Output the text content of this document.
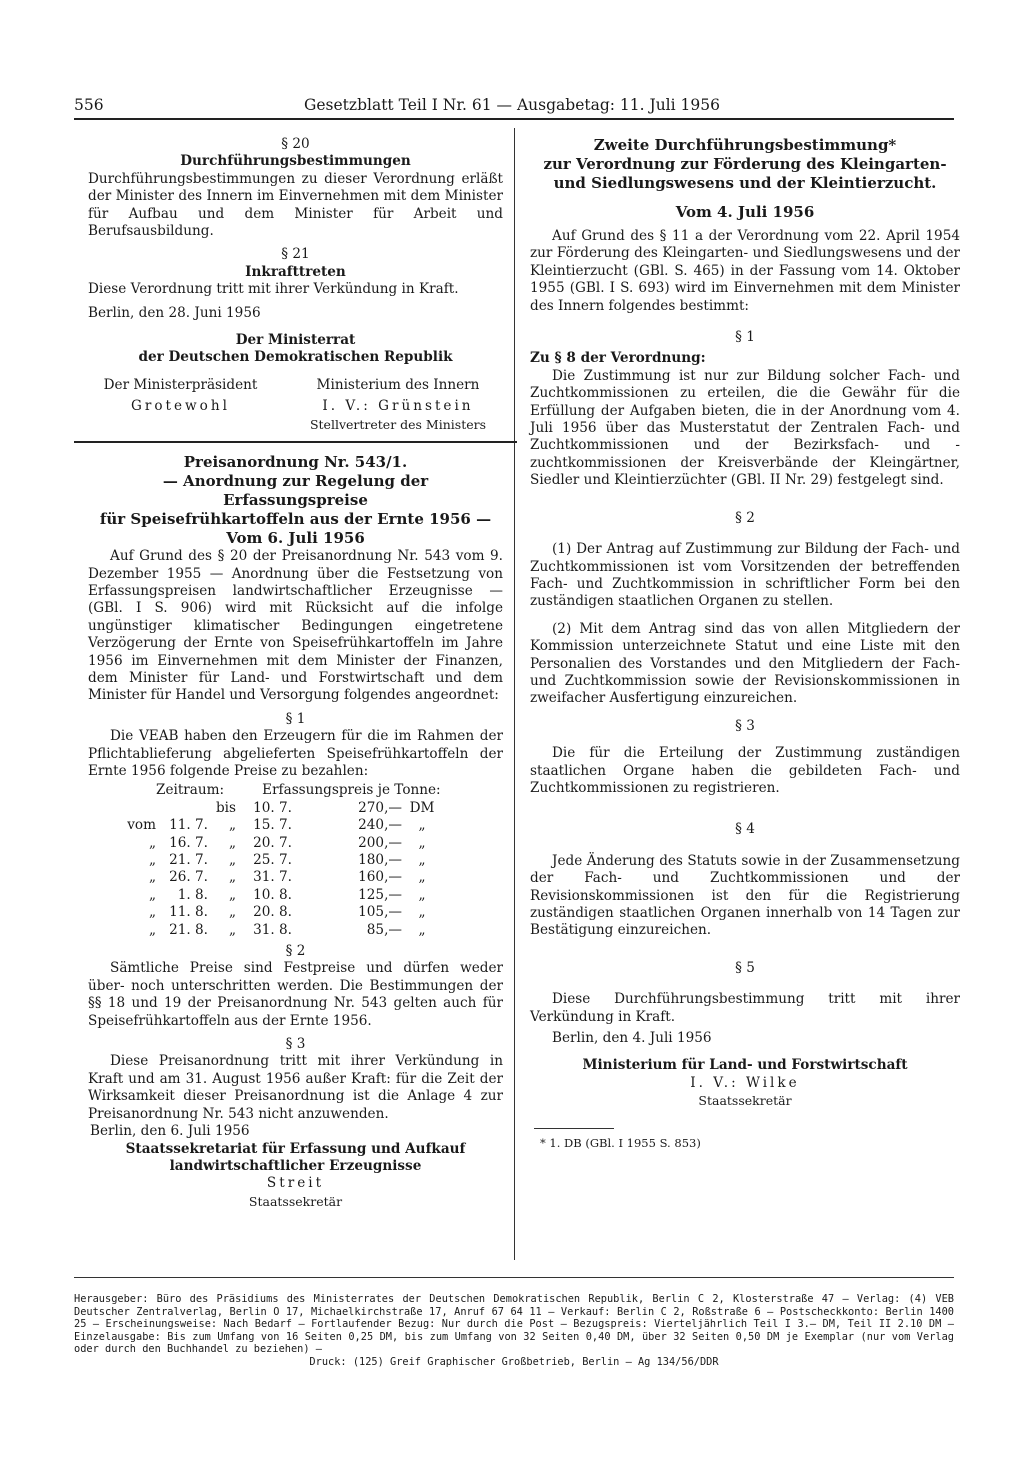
556	Gesetzblatt Teil I Nr. 61 — Ausgabetag: 11. Juli 1956

§ 20

Durchführungsbestimmungen

Durchführungsbestimmungen zu dieser Verordnung erläßt der Minister des Innern im Einvernehmen mit dem Minister für Aufbau und dem Minister für Arbeit und Berufsausbildung.

§ 21

Inkrafttreten

Diese Verordnung tritt mit ihrer Verkündung in Kraft.

Berlin, den 28. Juni 1956

Der Ministerrat

der Deutschen Demokratischen Republik

Der Ministerpräsident

Grotewohl

Ministerium des Innern

I. V.: Grünstein

Stellvertreter des Ministers

Preisanordnung Nr. 543/1.

— Anordnung zur Regelung der Erfassungspreise

für Speisefrühkartoffeln aus der Ernte 1956 —

Vom 6. Juli 1956

Auf Grund des § 20 der Preisanordnung Nr. 543 vom 9. Dezember 1955 — Anordnung über die Festsetzung von Erfassungspreisen landwirtschaftlicher Erzeugnisse — (GBl. I S. 906) wird mit Rücksicht auf die infolge ungünstiger klimatischer Bedingungen eingetretene Verzögerung der Ernte von Speisefrühkartoffeln im Jahre 1956 im Einvernehmen mit dem Minister der Finanzen, dem Minister für Land- und Forstwirtschaft und dem Minister für Handel und Versorgung folgendes angeordnet:

§ 1

Die VEAB haben den Erzeugern für die im Rahmen der Pflichtablieferung abgelieferten Speisefrühkartoffeln der Ernte 1956 folgende Preise zu bezahlen:

Zeitraum:	Erfassungspreis je Tonne:
		bis	10. 7.	270,—	DM
vom	11. 7.	„	15. 7.	240,—	„
„	16. 7.	„	20. 7.	200,—	„
„	21. 7.	„	25. 7.	180,—	„
„	26. 7.	„	31. 7.	160,—	„
„	1. 8.	„	10. 8.	125,—	„
„	11. 8.	„	20. 8.	105,—	„
„	21. 8.	„	31. 8.	85,—	„

§ 2

Sämtliche Preise sind Festpreise und dürfen weder über- noch unterschritten werden. Die Bestimmungen der §§ 18 und 19 der Preisanordnung Nr. 543 gelten auch für Speisefrühkartoffeln aus der Ernte 1956.

§ 3

Diese Preisanordnung tritt mit ihrer Verkündung in Kraft und am 31. August 1956 außer Kraft: für die Zeit der Wirksamkeit dieser Preisanordnung ist die Anlage 4 zur Preisanordnung Nr. 543 nicht anzuwenden.

Berlin, den 6. Juli 1956

Staatssekretariat für Erfassung und Aufkauf

landwirtschaftlicher Erzeugnisse

Streit

Staatssekretär

Zweite Durchführungsbestimmung*

zur Verordnung zur Förderung des Kleingarten-

und Siedlungswesens und der Kleintierzucht.

Vom 4. Juli 1956

Auf Grund des § 11 a der Verordnung vom 22. April 1954 zur Förderung des Kleingarten- und Siedlungswesens und der Kleintierzucht (GBl. S. 465) in der Fassung vom 14. Oktober 1955 (GBl. I S. 693) wird im Einvernehmen mit dem Minister des Innern folgendes bestimmt:

§ 1

Zu § 8 der Verordnung:

Die Zustimmung ist nur zur Bildung solcher Fach- und Zuchtkommissionen zu erteilen, die die Gewähr für die Erfüllung der Aufgaben bieten, die in der Anordnung vom 4. Juli 1956 über das Musterstatut der Zentralen Fach- und Zuchtkommissionen und der Bezirksfach- und -zuchtkommissionen der Kreisverbände der Kleingärtner, Siedler und Kleintierzüchter (GBl. II Nr. 29) festgelegt sind.

§ 2

(1) Der Antrag auf Zustimmung zur Bildung der Fach- und Zuchtkommissionen ist vom Vorsitzenden der betreffenden Fach- und Zuchtkommission in schriftlicher Form bei den zuständigen staatlichen Organen zu stellen.

(2) Mit dem Antrag sind das von allen Mitgliedern der Kommission unterzeichnete Statut und eine Liste mit den Personalien des Vorstandes und den Mitgliedern der Fach- und Zuchtkommission sowie der Revisionskommissionen in zweifacher Ausfertigung einzureichen.

§ 3

Die für die Erteilung der Zustimmung zuständigen staatlichen Organe haben die gebildeten Fach- und Zuchtkommissionen zu registrieren.

§ 4

Jede Änderung des Statuts sowie in der Zusammensetzung der Fach- und Zuchtkommissionen und der Revisionskommissionen ist den für die Registrierung zuständigen staatlichen Organen innerhalb von 14 Tagen zur Bestätigung einzureichen.

§ 5

Diese Durchführungsbestimmung tritt mit ihrer Verkündung in Kraft.

Berlin, den 4. Juli 1956

Ministerium für Land- und Forstwirtschaft

I. V.: Wilke

Staatssekretär

* 1. DB (GBl. I 1955 S. 853)

Herausgeber: Büro des Präsidiums des Ministerrates der Deutschen Demokratischen Republik, Berlin C 2, Klosterstraße 47 — Verlag: (4) VEB Deutscher Zentralverlag, Berlin O 17, Michaelkirchstraße 17, Anruf 67 64 11 — Verkauf: Berlin C 2, Roßstraße 6 — Postscheckkonto: Berlin 1400 25 — Erscheinungsweise: Nach Bedarf — Fortlaufender Bezug: Nur durch die Post — Bezugspreis: Vierteljährlich Teil I 3.— DM, Teil II 2.10 DM — Einzelausgabe: Bis zum Umfang von 16 Seiten 0,25 DM, bis zum Umfang von 32 Seiten 0,40 DM, über 32 Seiten 0,50 DM je Exemplar (nur vom Verlag oder durch den Buchhandel zu beziehen) —

Druck: (125) Greif Graphischer Großbetrieb, Berlin — Ag 134/56/DDR
